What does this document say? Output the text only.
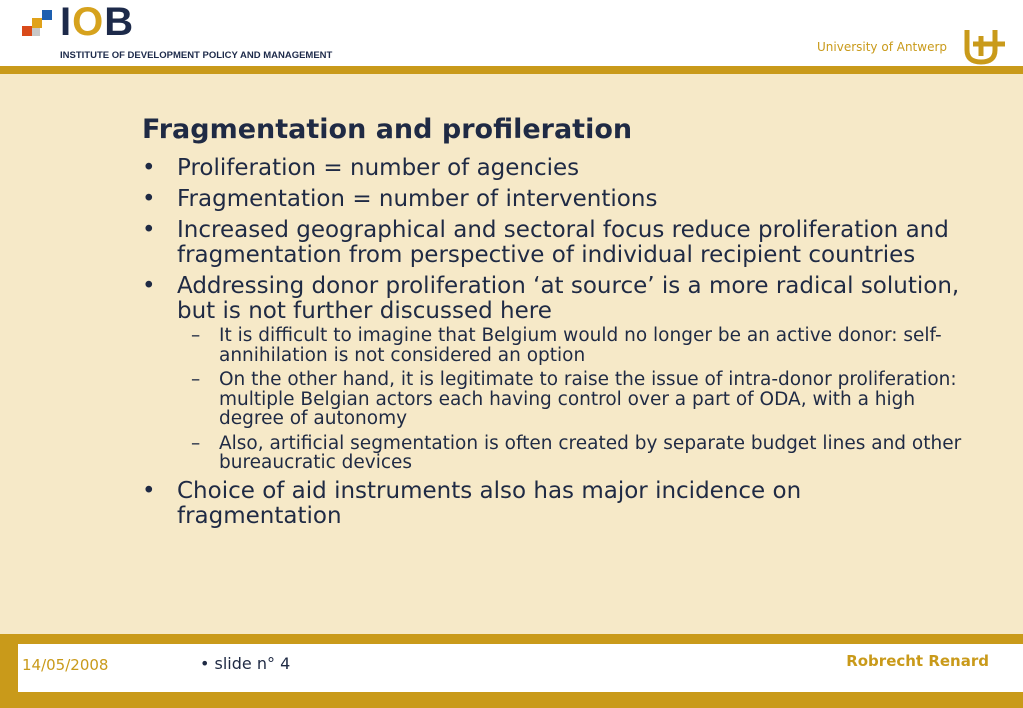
IOB
INSTITUTE OF DEVELOPMENT POLICY AND MANAGEMENT
University of Antwerp
Fragmentation and profileration
• Proliferation = number of agencies
• Fragmentation = number of interventions
• Increased geographical and sectoral focus reduce proliferation and fragmentation from perspective of individual recipient countries
• Addressing donor proliferation ‘at source’ is a more radical solution, but is not further discussed here
– It is difficult to imagine that Belgium would no longer be an active donor: self-annihilation is not considered an option
– On the other hand, it is legitimate to raise the issue of intra-donor proliferation: multiple Belgian actors each having control over a part of ODA, with a high degree of autonomy
– Also, artificial segmentation is often created by separate budget lines and other bureaucratic devices
• Choice of aid instruments also has major incidence on fragmentation
14/05/2008	• slide n° 4	Robrecht Renard
